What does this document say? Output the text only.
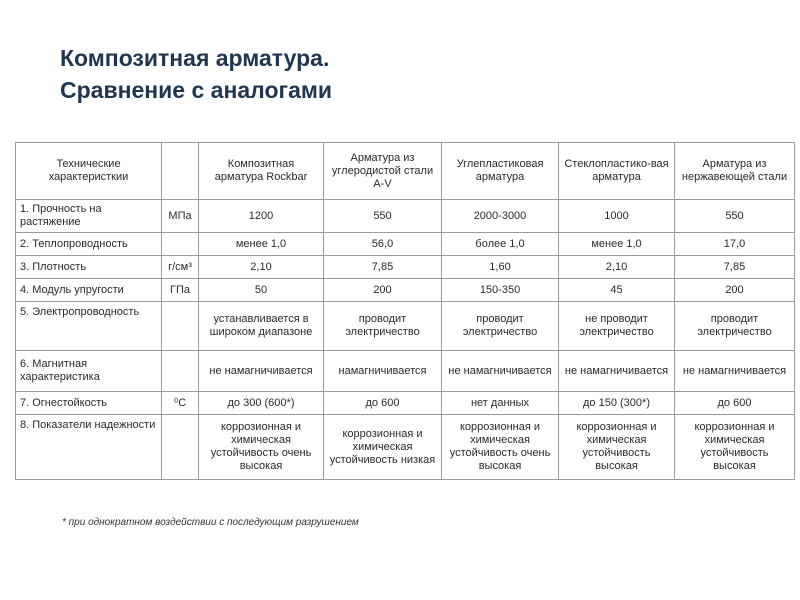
Композитная арматура.
Сравнение с аналогами
Технические характеристкии		Композитная арматура Rockbar	Арматура из углеродистой стали A-V	Углепластиковая арматура	Стеклопластико-вая арматура	Арматура из нержавеющей стали
1. Прочность на растяжение	МПа	1200	550	2000-3000	1000	550
2. Теплопроводность		менее 1,0	56,0	более 1,0	менее 1,0	17,0
3. Плотность	г/см³	2,10	7,85	1,60	2,10	7,85
4. Модуль упругости	ГПа	50	200	150-350	45	200
5. Электропроводность		устанавливается в широком диапазоне	проводит электричество	проводит электричество	не проводит электричество	проводит электричество
6. Магнитная характеристика		не намагничивается	намагничивается	не намагничивается	не намагничивается	не намагничивается
7. Огнестойкость	⁰С	до 300 (600*)	до 600	нет данных	до 150 (300*)	до 600
8. Показатели надежности		коррозионная и химическая устойчивость очень высокая	коррозионная и химическая устойчивость низкая	коррозионная и химическая устойчивость очень высокая	коррозионная и химическая устойчивость высокая	коррозионная и химическая устойчивость высокая
* при однократном воздействии с последующим разрушением
